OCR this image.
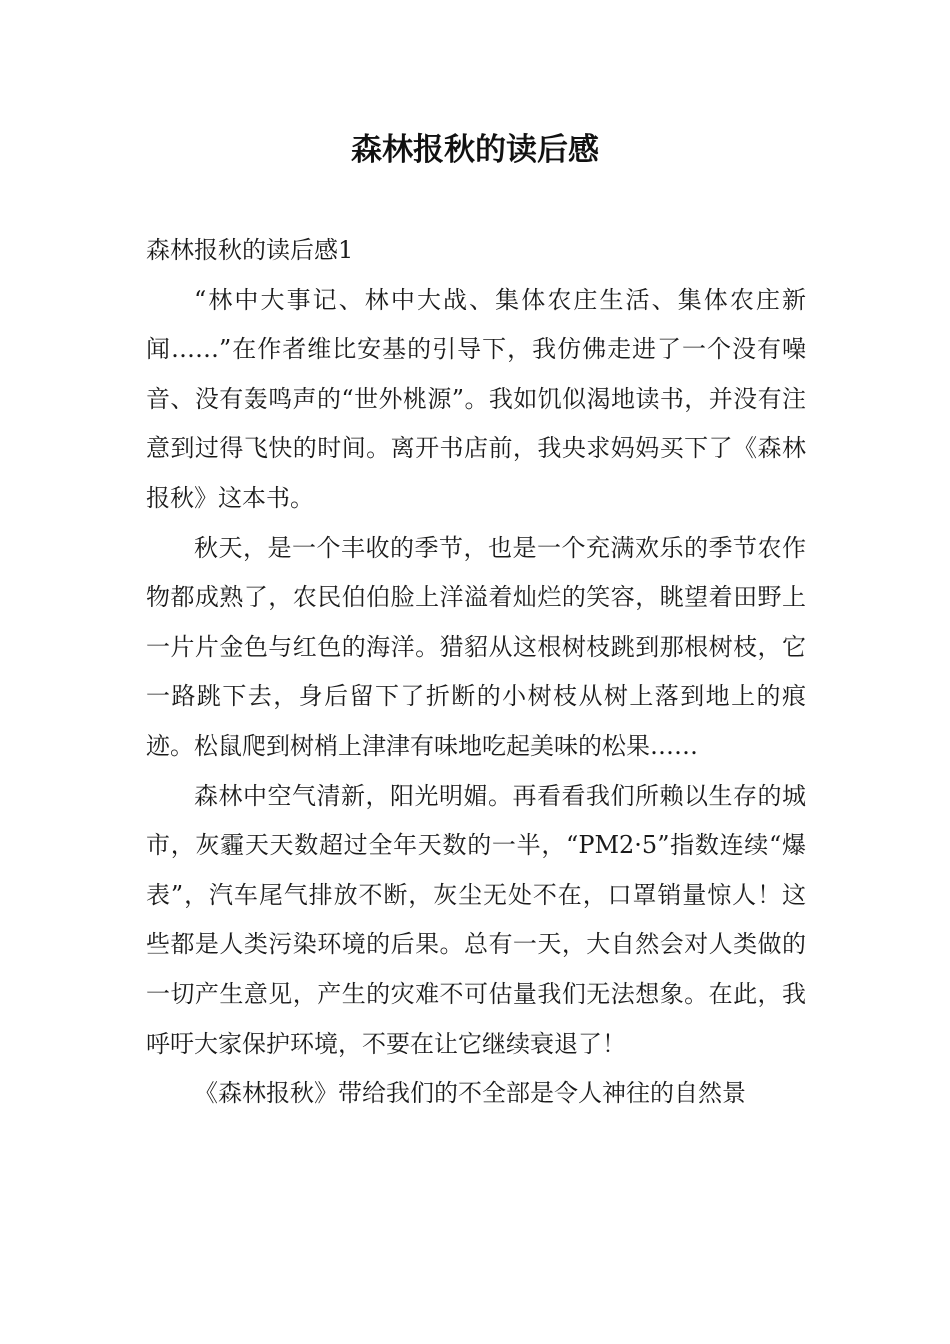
森林报秋的读后感

森林报秋的读后感1

“林中大事记、林中大战、集体农庄生活、集体农庄新闻……”在作者维比安基的引导下，我仿佛走进了一个没有噪音、没有轰鸣声的“世外桃源”。我如饥似渴地读书，并没有注意到过得飞快的时间。离开书店前，我央求妈妈买下了《森林报秋》这本书。

秋天，是一个丰收的季节，也是一个充满欢乐的季节农作物都成熟了，农民伯伯脸上洋溢着灿烂的笑容，眺望着田野上一片片金色与红色的海洋。猎貂从这根树枝跳到那根树枝，它一路跳下去，身后留下了折断的小树枝从树上落到地上的痕迹。松鼠爬到树梢上津津有味地吃起美味的松果……

森林中空气清新，阳光明媚。再看看我们所赖以生存的城市，灰霾天天数超过全年天数的一半，“PM2·5”指数连续“爆表”，汽车尾气排放不断，灰尘无处不在，口罩销量惊人！这些都是人类污染环境的后果。总有一天，大自然会对人类做的一切产生意见，产生的灾难不可估量我们无法想象。在此，我呼吁大家保护环境，不要在让它继续衰退了！

《森林报秋》带给我们的不全部是令人神往的自然景
